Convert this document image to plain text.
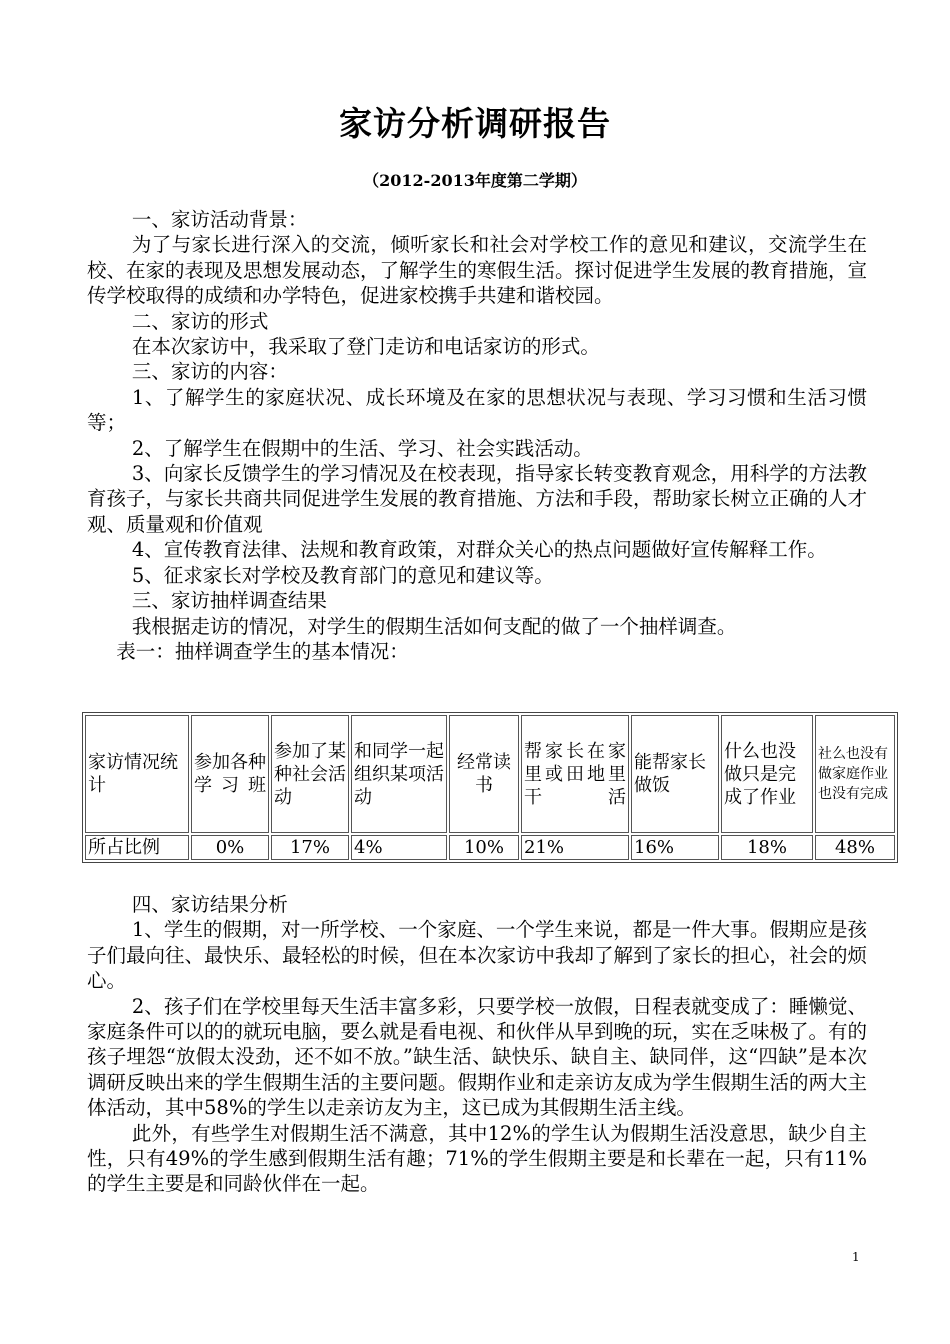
家访分析调研报告
（2012-2013年度第二学期）

一、家访活动背景：

为了与家长进行深入的交流，倾听家长和社会对学校工作的意见和建议，交流学生在校、在家的表现及思想发展动态，了解学生的寒假生活。探讨促进学生发展的教育措施，宣传学校取得的成绩和办学特色，促进家校携手共建和谐校园。

二、家访的形式

在本次家访中，我采取了登门走访和电话家访的形式。

三、家访的内容：

1、了解学生的家庭状况、成长环境及在家的思想状况与表现、学习习惯和生活习惯等；

2、了解学生在假期中的生活、学习、社会实践活动。

3、向家长反馈学生的学习情况及在校表现，指导家长转变教育观念，用科学的方法教育孩子，与家长共商共同促进学生发展的教育措施、方法和手段，帮助家长树立正确的人才观、质量观和价值观

4、宣传教育法律、法规和教育政策，对群众关心的热点问题做好宣传解释工作。

5、征求家长对学校及教育部门的意见和建议等。

三、家访抽样调查结果

我根据走访的情况，对学生的假期生活如何支配的做了一个抽样调查。

表一：抽样调查学生的基本情况：

家访情况统计	参加各种学习班	参加了某种社会活动	和同学一起组织某项活动	经常读书	帮家长在家里或田地里干活	能帮家长做饭	什么也没做只是完成了作业	社么也没有做家庭作业也没有完成
所占比例	0%	17%	4%	10%	21%	16%	18%	48%

四、家访结果分析

1、学生的假期，对一所学校、一个家庭、一个学生来说，都是一件大事。假期应是孩子们最向往、最快乐、最轻松的时候，但在本次家访中我却了解到了家长的担心，社会的烦心。

2、孩子们在学校里每天生活丰富多彩，只要学校一放假，日程表就变成了：睡懒觉、家庭条件可以的的就玩电脑，要么就是看电视、和伙伴从早到晚的玩，实在乏味极了。有的孩子埋怨“放假太没劲，还不如不放。”缺生活、缺快乐、缺自主、缺同伴，这“四缺”是本次调研反映出来的学生假期生活的主要问题。假期作业和走亲访友成为学生假期生活的两大主体活动，其中58%的学生以走亲访友为主，这已成为其假期生活主线。

此外，有些学生对假期生活不满意，其中12%的学生认为假期生活没意思，缺少自主性，只有49%的学生感到假期生活有趣；71%的学生假期主要是和长辈在一起，只有11%的学生主要是和同龄伙伴在一起。

1
